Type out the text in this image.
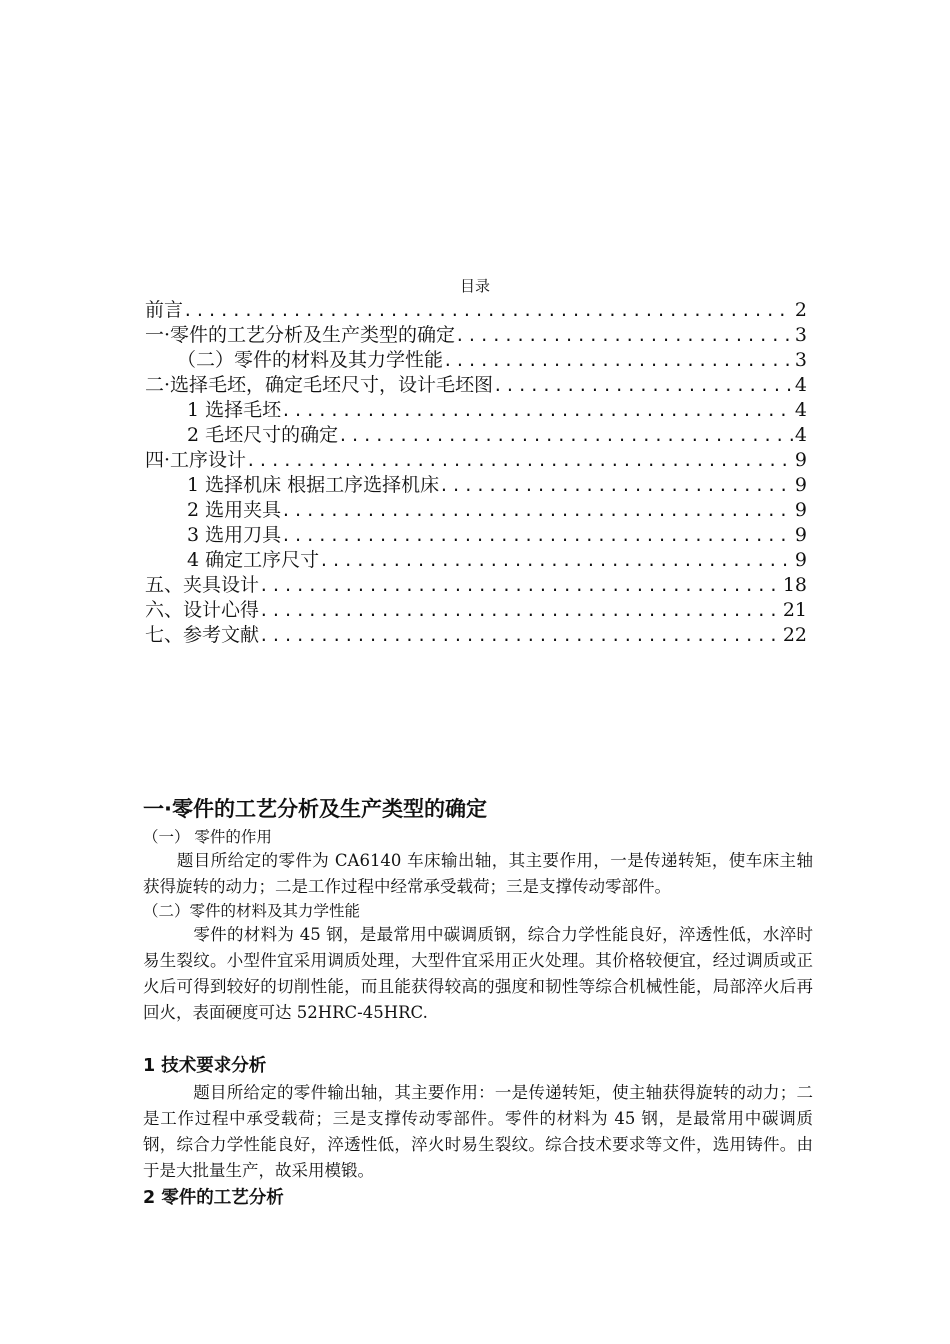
目录
前言 .....	2
一·零件的工艺分析及生产类型的确定 .....	3
（二）零件的材料及其力学性能 .....	3
二·选择毛坯，确定毛坯尺寸，设计毛坯图 .....	4
1 选择毛坯 .....	4
2 毛坯尺寸的确定 .....	4
四·工序设计 .....	9
1 选择机床 根据工序选择机床 .....	9
2 选用夹具 .....	9
3 选用刀具 .....	9
4 确定工序尺寸 .....	9
五、夹具设计 .....	18
六、设计心得 .....	21
七、参考文献 .....	22
一·零件的工艺分析及生产类型的确定

（一） 零件的作用

　　题目所给定的零件为 CA6140 车床输出轴，其主要作用，一是传递转矩，使车床主轴获得旋转的动力；二是工作过程中经常承受载荷；三是支撑传动零部件。

（二）零件的材料及其力学性能

　　　零件的材料为 45 钢，是最常用中碳调质钢，综合力学性能良好，淬透性低，水淬时易生裂纹。小型件宜采用调质处理，大型件宜采用正火处理。其价格较便宜，经过调质或正火后可得到较好的切削性能，而且能获得较高的强度和韧性等综合机械性能，局部淬火后再回火，表面硬度可达 52HRC-45HRC.

1 技术要求分析

　　　题目所给定的零件输出轴，其主要作用：一是传递转矩，使主轴获得旋转的动力；二是工作过程中承受载荷；三是支撑传动零部件。零件的材料为 45 钢，是最常用中碳调质钢，综合力学性能良好，淬透性低，淬火时易生裂纹。综合技术要求等文件，选用铸件。由于是大批量生产，故采用模锻。

2 零件的工艺分析
